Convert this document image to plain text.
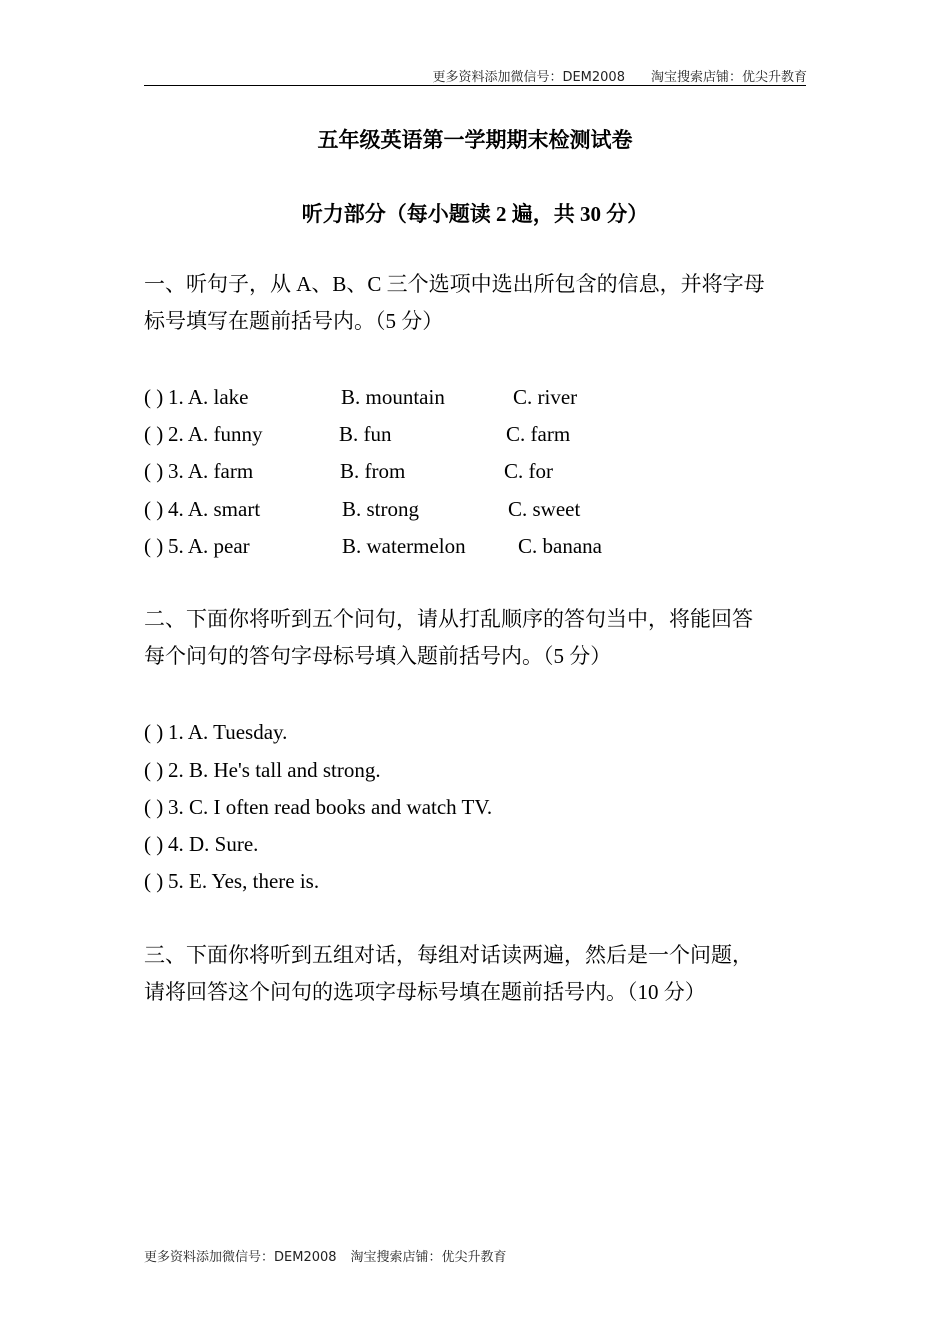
更多资料添加微信号：DEM2008 淘宝搜索店铺：优尖升教育
五年级英语第一学期期末检测试卷
听力部分（每小题读 2 遍，共 30 分）
一、听句子，从 A、B、C 三个选项中选出所包含的信息，并将字母
标号填写在题前括号内。（5 分）
( ) 1. A. lake	B. mountain	C. river
( ) 2. A. funny	B. fun	C. farm
( ) 3. A. farm	B. from	C. for
( ) 4. A. smart	B. strong	C. sweet
( ) 5. A. pear	B. watermelon C. banana
二、下面你将听到五个问句，请从打乱顺序的答句当中，将能回答
每个问句的答句字母标号填入题前括号内。（5 分）
( ) 1. A. Tuesday.
( ) 2. B. He's tall and strong.
( ) 3. C. I often read books and watch TV.
( ) 4. D. Sure.
( ) 5. E. Yes, there is.
三、下面你将听到五组对话，每组对话读两遍，然后是一个问题，
请将回答这个问句的选项字母标号填在题前括号内。（10 分）
更多资料添加微信号：DEM2008 淘宝搜索店铺：优尖升教育
